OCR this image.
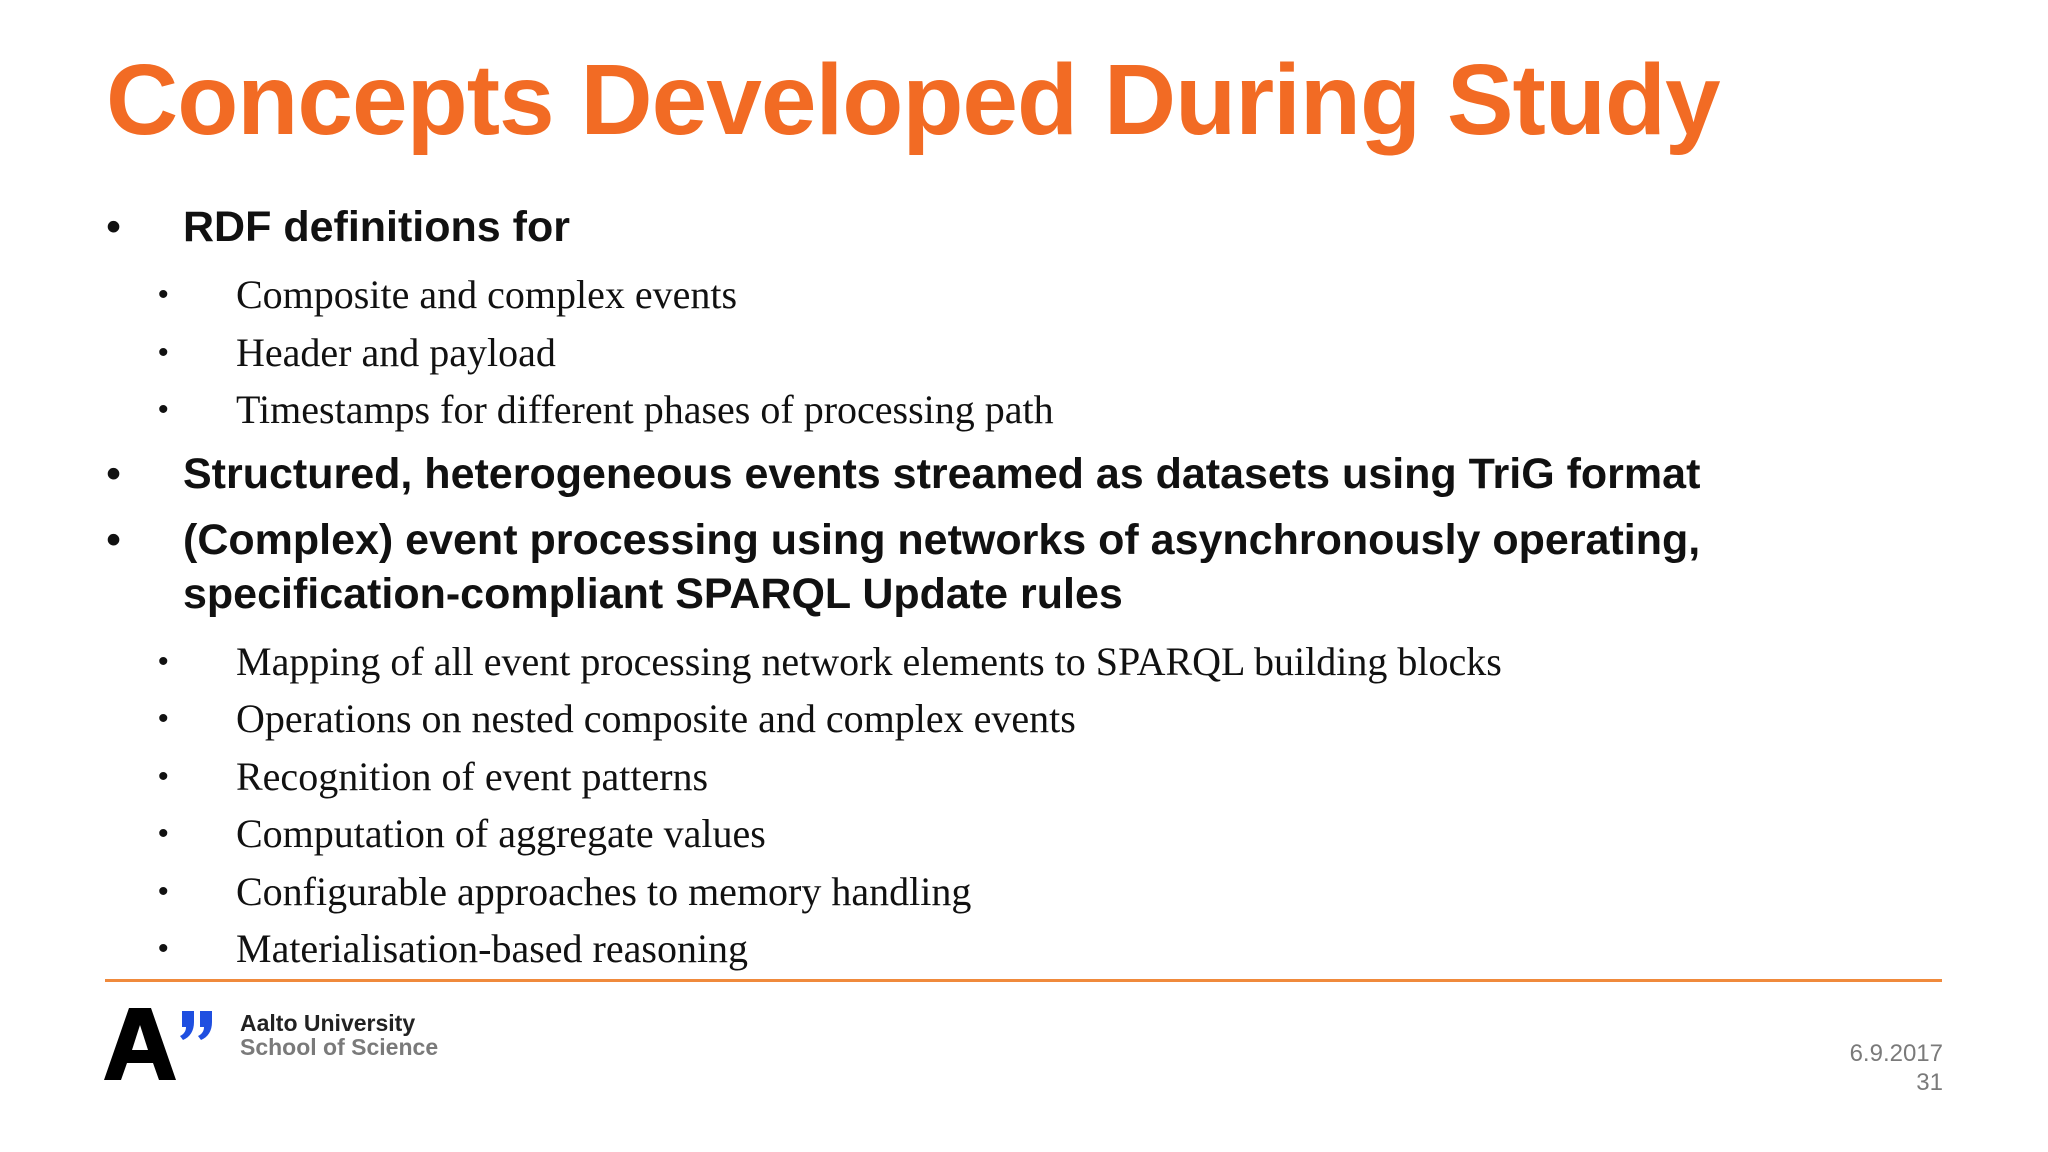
Concepts Developed During Study
• RDF definitions for
• Composite and complex events
• Header and payload
• Timestamps for different phases of processing path
• Structured, heterogeneous events streamed as datasets using TriG format
• (Complex) event processing using networks of asynchronously operating, specification-compliant SPARQL Update rules
• Mapping of all event processing network elements to SPARQL building blocks
• Operations on nested composite and complex events
• Recognition of event patterns
• Computation of aggregate values
• Configurable approaches to memory handling
• Materialisation-based reasoning
Aalto University
School of Science	6.9.2017
31
